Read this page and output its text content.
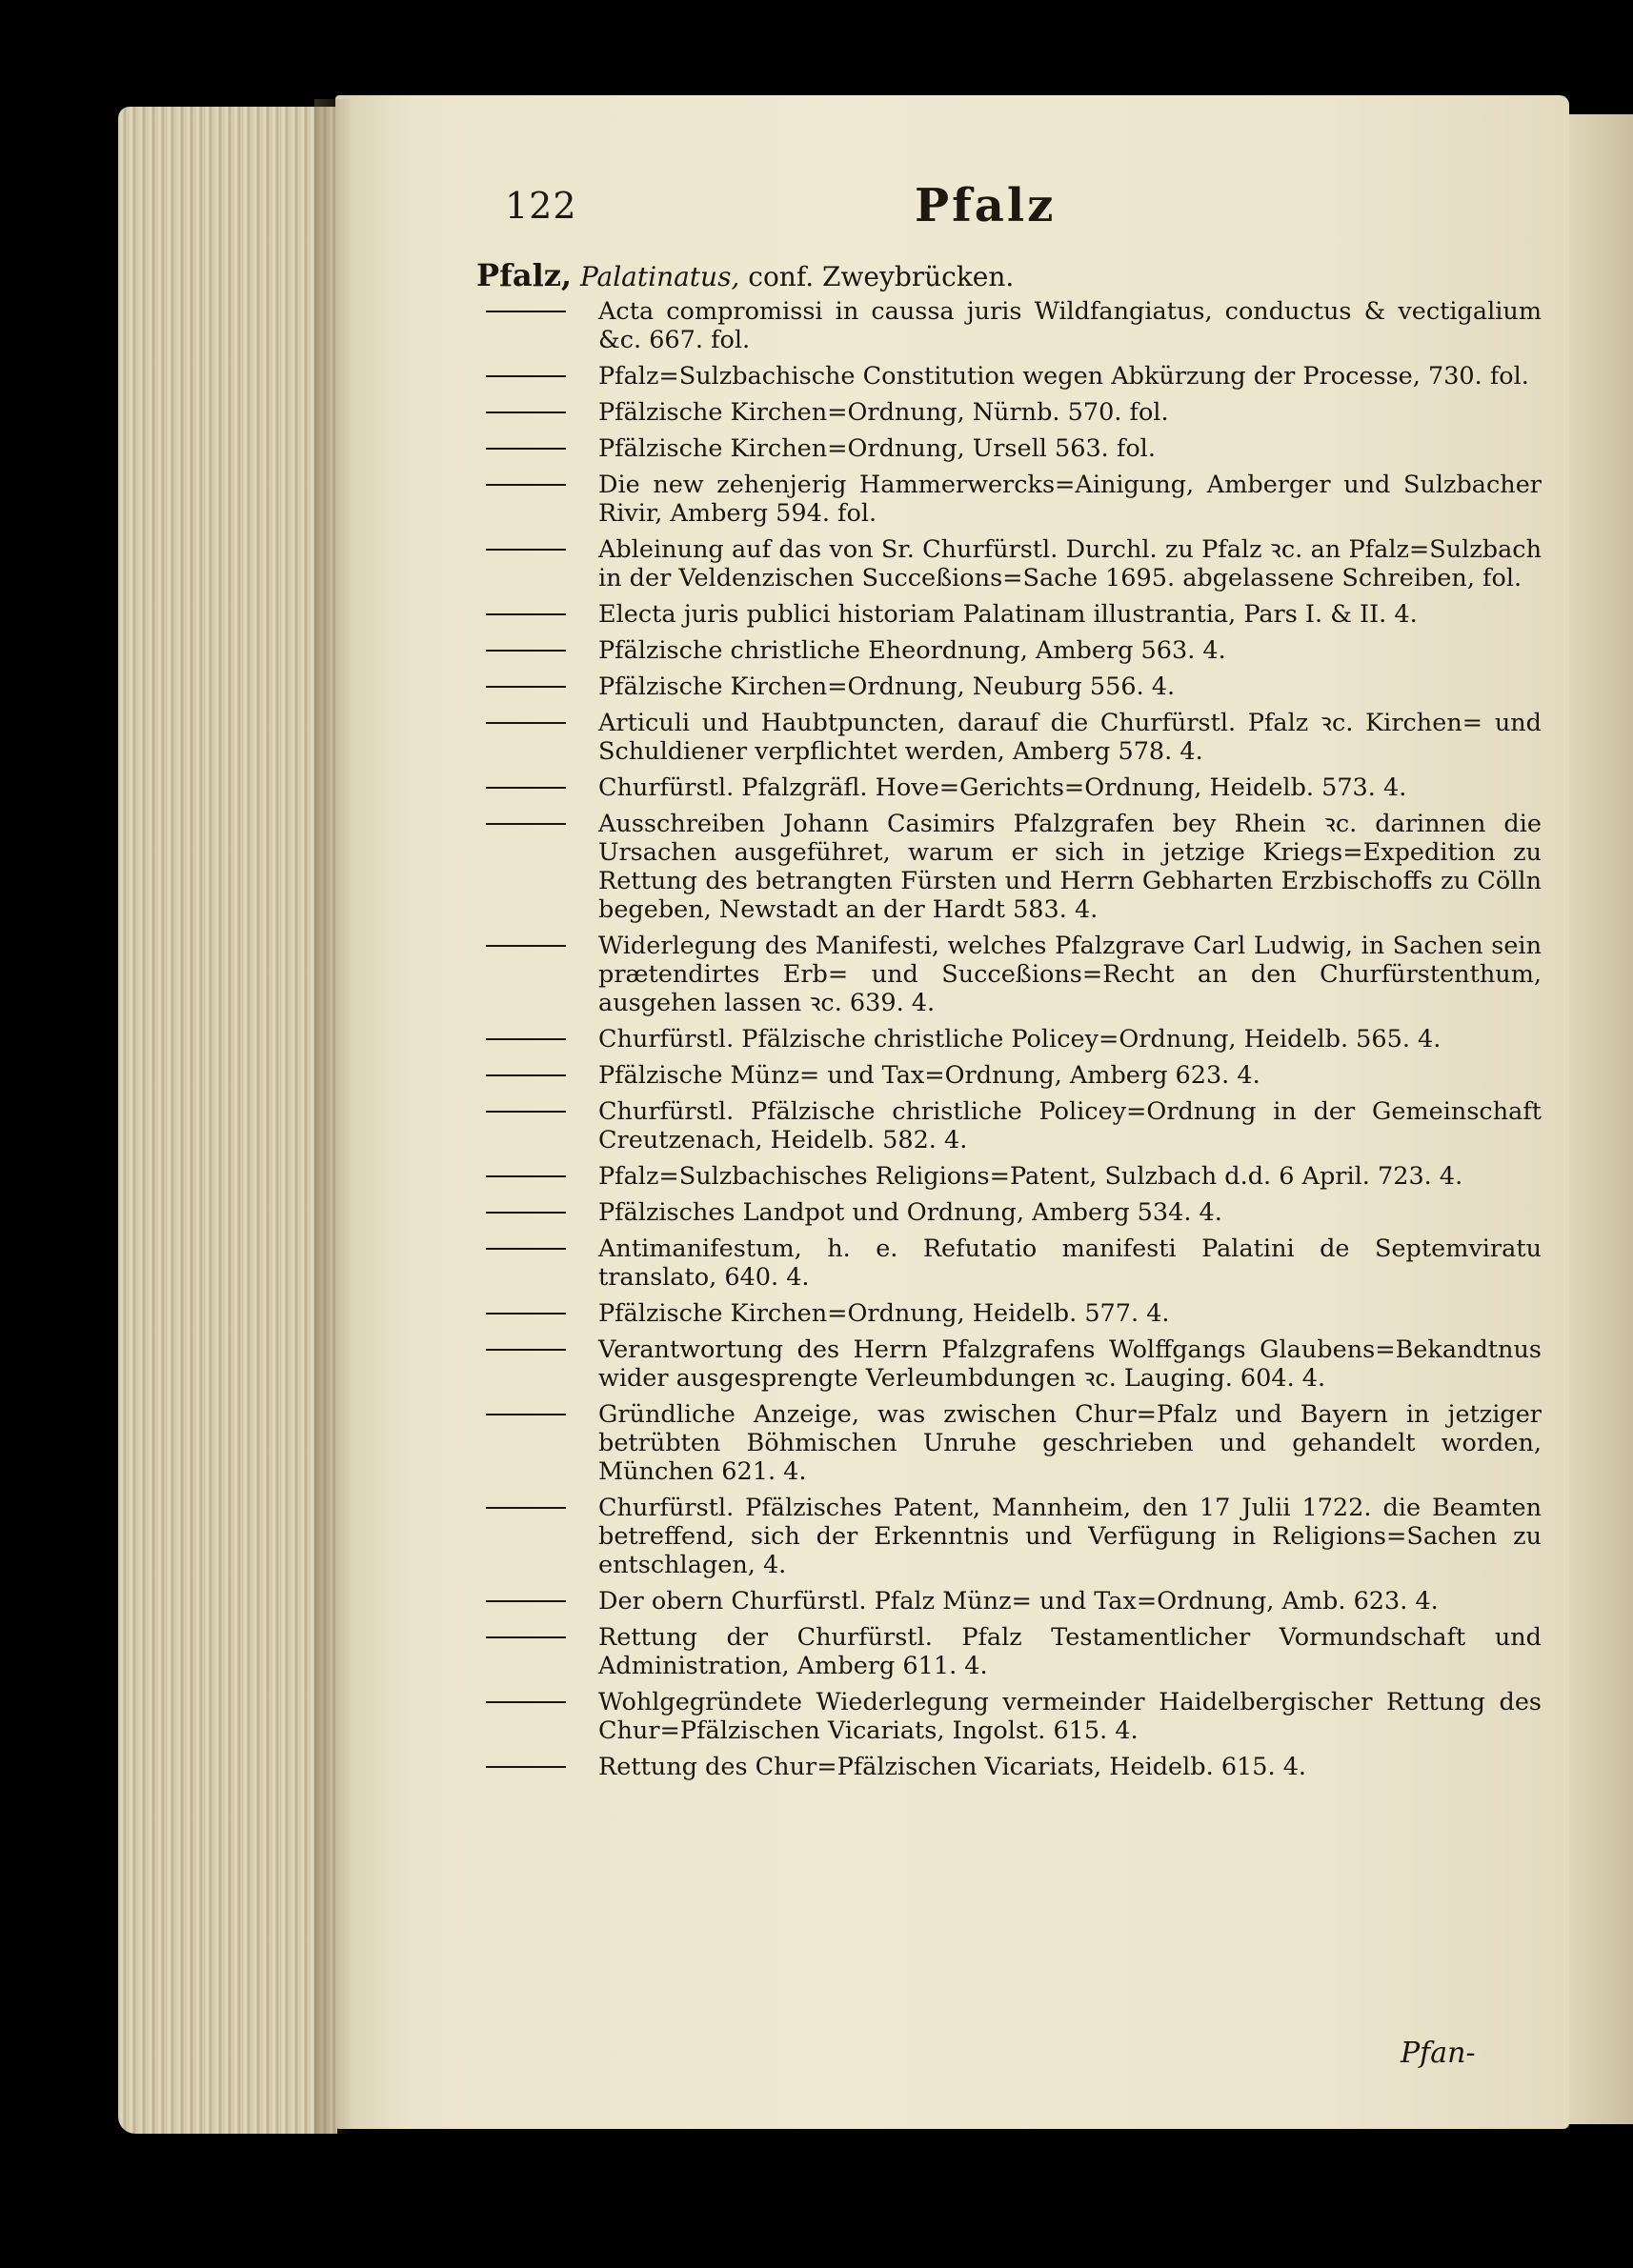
122	Pfalz
Pfalz, Palatinatus, conf. Zweybrücken.
Acta compromissi in caussa juris Wildfangiatus, conductus & vectigalium &c. 667. fol.
Pfalz=Sulzbachische Constitution wegen Abkürzung der Processe, 730. fol.
Pfälzische Kirchen=Ordnung, Nürnb. 570. fol.
Pfälzische Kirchen=Ordnung, Ursell 563. fol.
Die new zehenjerig Hammerwercks=Ainigung, Amberger und Sulzbacher Rivir, Amberg 594. fol.
Ableinung auf das von Sr. Churfürstl. Durchl. zu Pfalz ꝛc. an Pfalz=Sulzbach in der Veldenzischen Succeßions=Sache 1695. abgelassene Schreiben, fol.
Electa juris publici historiam Palatinam illustrantia, Pars I. & II. 4.
Pfälzische christliche Eheordnung, Amberg 563. 4.
Pfälzische Kirchen=Ordnung, Neuburg 556. 4.
Articuli und Haubtpuncten, darauf die Churfürstl. Pfalz ꝛc. Kirchen= und Schuldiener verpflichtet werden, Amberg 578. 4.
Churfürstl. Pfalzgräfl. Hove=Gerichts=Ordnung, Heidelb. 573. 4.
Ausschreiben Johann Casimirs Pfalzgrafen bey Rhein ꝛc. darinnen die Ursachen ausgeführet, warum er sich in jetzige Kriegs=Expedition zu Rettung des betrangten Fürsten und Herrn Gebharten Erzbischoffs zu Cölln begeben, Newstadt an der Hardt 583. 4.
Widerlegung des Manifesti, welches Pfalzgrave Carl Ludwig, in Sachen sein prætendirtes Erb= und Succeßions=Recht an den Churfürstenthum, ausgehen lassen ꝛc. 639. 4.
Churfürstl. Pfälzische christliche Policey=Ordnung, Heidelb. 565. 4.
Pfälzische Münz= und Tax=Ordnung, Amberg 623. 4.
Churfürstl. Pfälzische christliche Policey=Ordnung in der Gemeinschaft Creutzenach, Heidelb. 582. 4.
Pfalz=Sulzbachisches Religions=Patent, Sulzbach d.d. 6 April. 723. 4.
Pfälzisches Landpot und Ordnung, Amberg 534. 4.
Antimanifestum, h. e. Refutatio manifesti Palatini de Septemviratu translato, 640. 4.
Pfälzische Kirchen=Ordnung, Heidelb. 577. 4.
Verantwortung des Herrn Pfalzgrafens Wolffgangs Glaubens=Bekandtnus wider ausgesprengte Verleumbdungen ꝛc. Lauging. 604. 4.
Gründliche Anzeige, was zwischen Chur=Pfalz und Bayern in jetziger betrübten Böhmischen Unruhe geschrieben und gehandelt worden, München 621. 4.
Churfürstl. Pfälzisches Patent, Mannheim, den 17 Julii 1722. die Beamten betreffend, sich der Erkenntnis und Verfügung in Religions=Sachen zu entschlagen, 4.
Der obern Churfürstl. Pfalz Münz= und Tax=Ordnung, Amb. 623. 4.
Rettung der Churfürstl. Pfalz Testamentlicher Vormundschaft und Administration, Amberg 611. 4.
Wohlgegründete Wiederlegung vermeinder Haidelbergischer Rettung des Chur=Pfälzischen Vicariats, Ingolst. 615. 4.
Rettung des Chur=Pfälzischen Vicariats, Heidelb. 615. 4.
Pfan-
